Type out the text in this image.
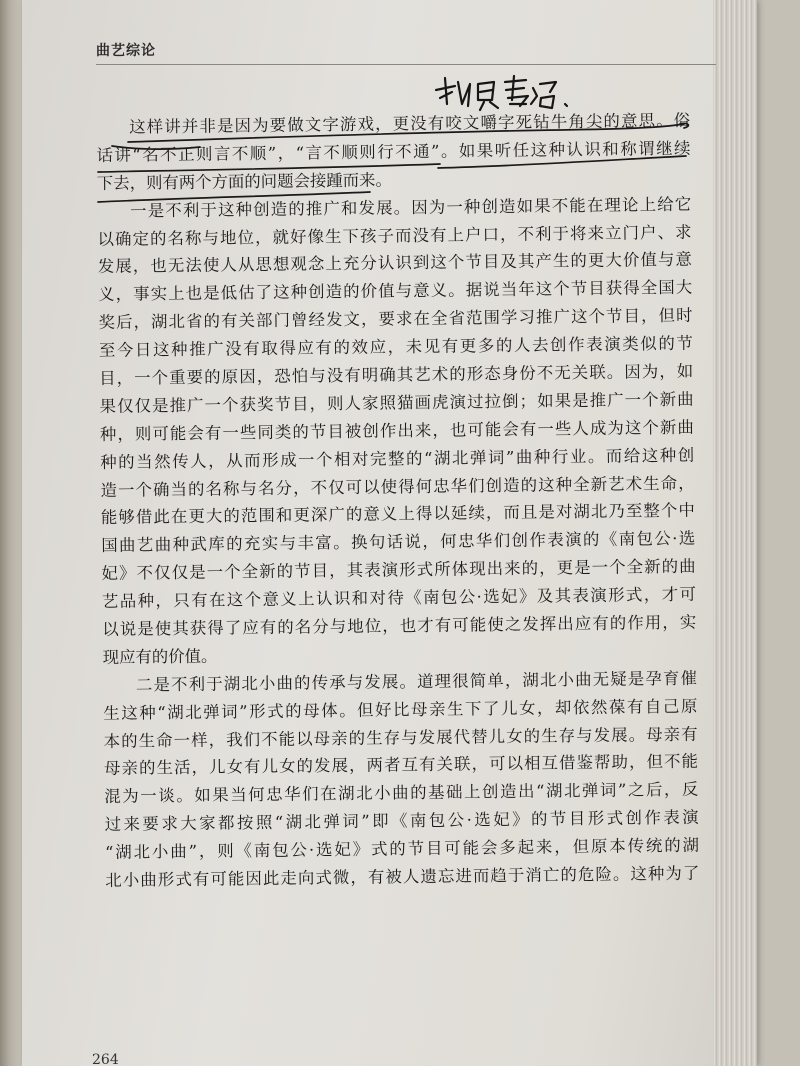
曲艺综论
这样讲并非是因为要做文字游戏，更没有咬文嚼字死钻牛角尖的意思。俗
话讲“名不正则言不顺”，“言不顺则行不通”。如果听任这种认识和称谓继续
下去，则有两个方面的问题会接踵而来。
一是不利于这种创造的推广和发展。因为一种创造如果不能在理论上给它
以确定的名称与地位，就好像生下孩子而没有上户口，不利于将来立门户、求
发展，也无法使人从思想观念上充分认识到这个节目及其产生的更大价值与意
义，事实上也是低估了这种创造的价值与意义。据说当年这个节目获得全国大
奖后，湖北省的有关部门曾经发文，要求在全省范围学习推广这个节目，但时
至今日这种推广没有取得应有的效应，未见有更多的人去创作表演类似的节
目，一个重要的原因，恐怕与没有明确其艺术的形态身份不无关联。因为，如
果仅仅是推广一个获奖节目，则人家照猫画虎演过拉倒；如果是推广一个新曲
种，则可能会有一些同类的节目被创作出来，也可能会有一些人成为这个新曲
种的当然传人，从而形成一个相对完整的“湖北弹词”曲种行业。而给这种创
造一个确当的名称与名分，不仅可以使得何忠华们创造的这种全新艺术生命，
能够借此在更大的范围和更深广的意义上得以延续，而且是对湖北乃至整个中
国曲艺曲种武库的充实与丰富。换句话说，何忠华们创作表演的《南包公·选
妃》不仅仅是一个全新的节目，其表演形式所体现出来的，更是一个全新的曲
艺品种，只有在这个意义上认识和对待《南包公·选妃》及其表演形式，才可
以说是使其获得了应有的名分与地位，也才有可能使之发挥出应有的作用，实
现应有的价值。
二是不利于湖北小曲的传承与发展。道理很简单，湖北小曲无疑是孕育催
生这种“湖北弹词”形式的母体。但好比母亲生下了儿女，却依然葆有自己原
本的生命一样，我们不能以母亲的生存与发展代替儿女的生存与发展。母亲有
母亲的生活，儿女有儿女的发展，两者互有关联，可以相互借鉴帮助，但不能
混为一谈。如果当何忠华们在湖北小曲的基础上创造出“湖北弹词”之后，反
过来要求大家都按照“湖北弹词”即《南包公·选妃》的节目形式创作表演
“湖北小曲”，则《南包公·选妃》式的节目可能会多起来，但原本传统的湖
北小曲形式有可能因此走向式微，有被人遗忘进而趋于消亡的危险。这种为了
264
